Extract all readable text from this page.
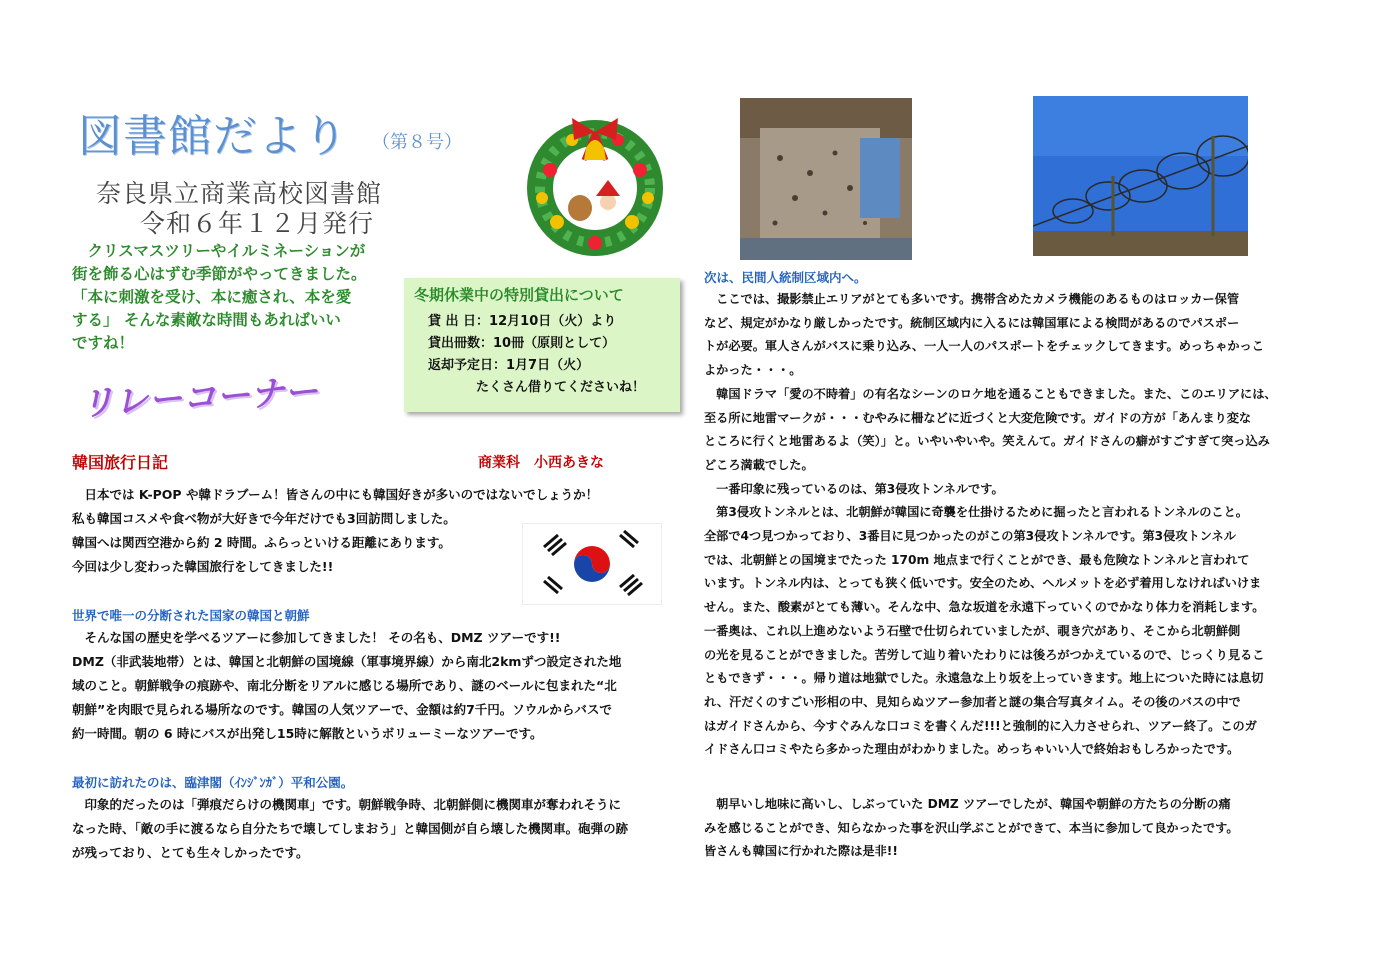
図書館だより （第８号）
奈良県立商業高校図書館
令和６年１２月発行

　クリスマスツリーやイルミネーションが

街を飾る心はずむ季節がやってきました。

「本に刺激を受け、本に癒され、本を愛

する」 そんな素敵な時間もあればいい

ですね！

リレーコーナー
冬期休業中の特別貸出について
貸 出 日：12月10日（火）より
貸出冊数：10冊（原則として）
返却予定日：1月7日（火）
たくさん借りてくださいね！
韓国旅行日記	商業科　小西あきな

　日本では K-POP や韓ドラブーム！皆さんの中にも韓国好きが多いのではないでしょうか！

私も韓国コスメや食べ物が大好きで今年だけでも3回訪問しました。

韓国へは関西空港から約 2 時間。ふらっといける距離にあります。

今回は少し変わった韓国旅行をしてきました!!

世界で唯一の分断された国家の韓国と朝鮮

　そんな国の歴史を学べるツアーに参加してきました！ その名も、DMZ ツアーです!!

DMZ（非武装地帯）とは、韓国と北朝鮮の国境線（軍事境界線）から南北2kmずつ設定された地

域のこと。朝鮮戦争の痕跡や、南北分断をリアルに感じる場所であり、謎のベールに包まれた“北

朝鮮”を肉眼で見られる場所なのです。韓国の人気ツアーで、金額は約7千円。ソウルからバスで

約一時間。朝の 6 時にバスが出発し15時に解散というボリューミーなツアーです。

最初に訪れたのは、臨津閣（ｲﾝｼﾞﾝｶﾞ）平和公園。

　印象的だったのは「弾痕だらけの機関車」です。朝鮮戦争時、北朝鮮側に機関車が奪われそうに

なった時、「敵の手に渡るなら自分たちで壊してしまおう」と韓国側が自ら壊した機関車。砲弾の跡

が残っており、とても生々しかったです。

次は、民間人統制区域内へ。

　ここでは、撮影禁止エリアがとても多いです。携帯含めたカメラ機能のあるものはロッカー保管

など、規定がかなり厳しかったです。統制区域内に入るには韓国軍による検問があるのでパスポー

トが必要。軍人さんがバスに乗り込み、一人一人のパスポートをチェックしてきます。めっちゃかっこ

よかった・・・。

　韓国ドラマ「愛の不時着」の有名なシーンのロケ地を通ることもできました。また、このエリアには、

至る所に地雷マークが・・・むやみに柵などに近づくと大変危険です。ガイドの方が「あんまり変な

ところに行くと地雷あるよ（笑）」と。いやいやいや。笑えんて。ガイドさんの癖がすごすぎて突っ込み

どころ満載でした。

　一番印象に残っているのは、第3侵攻トンネルです。

　第3侵攻トンネルとは、北朝鮮が韓国に奇襲を仕掛けるために掘ったと言われるトンネルのこと。

全部で4つ見つかっており、3番目に見つかったのがこの第3侵攻トンネルです。第3侵攻トンネル

では、北朝鮮との国境までたった 170m 地点まで行くことができ、最も危険なトンネルと言われて

います。トンネル内は、とっても狭く低いです。安全のため、ヘルメットを必ず着用しなければいけま

せん。また、酸素がとても薄い。そんな中、急な坂道を永遠下っていくのでかなり体力を消耗します。

一番奥は、これ以上進めないよう石壁で仕切られていましたが、覗き穴があり、そこから北朝鮮側

の光を見ることができました。苦労して辿り着いたわりには後ろがつかえているので、じっくり見るこ

ともできず・・・。帰り道は地獄でした。永遠急な上り坂を上っていきます。地上についた時には息切

れ、汗だくのすごい形相の中、見知らぬツアー参加者と謎の集合写真タイム。その後のバスの中で

はガイドさんから、今すぐみんな口コミを書くんだ!!!と強制的に入力させられ、ツアー終了。このガ

イドさん口コミやたら多かった理由がわかりました。めっちゃいい人で終始おもしろかったです。

　朝早いし地味に高いし、しぶっていた DMZ ツアーでしたが、韓国や朝鮮の方たちの分断の痛

みを感じることができ、知らなかった事を沢山学ぶことができて、本当に参加して良かったです。

皆さんも韓国に行かれた際は是非!!
